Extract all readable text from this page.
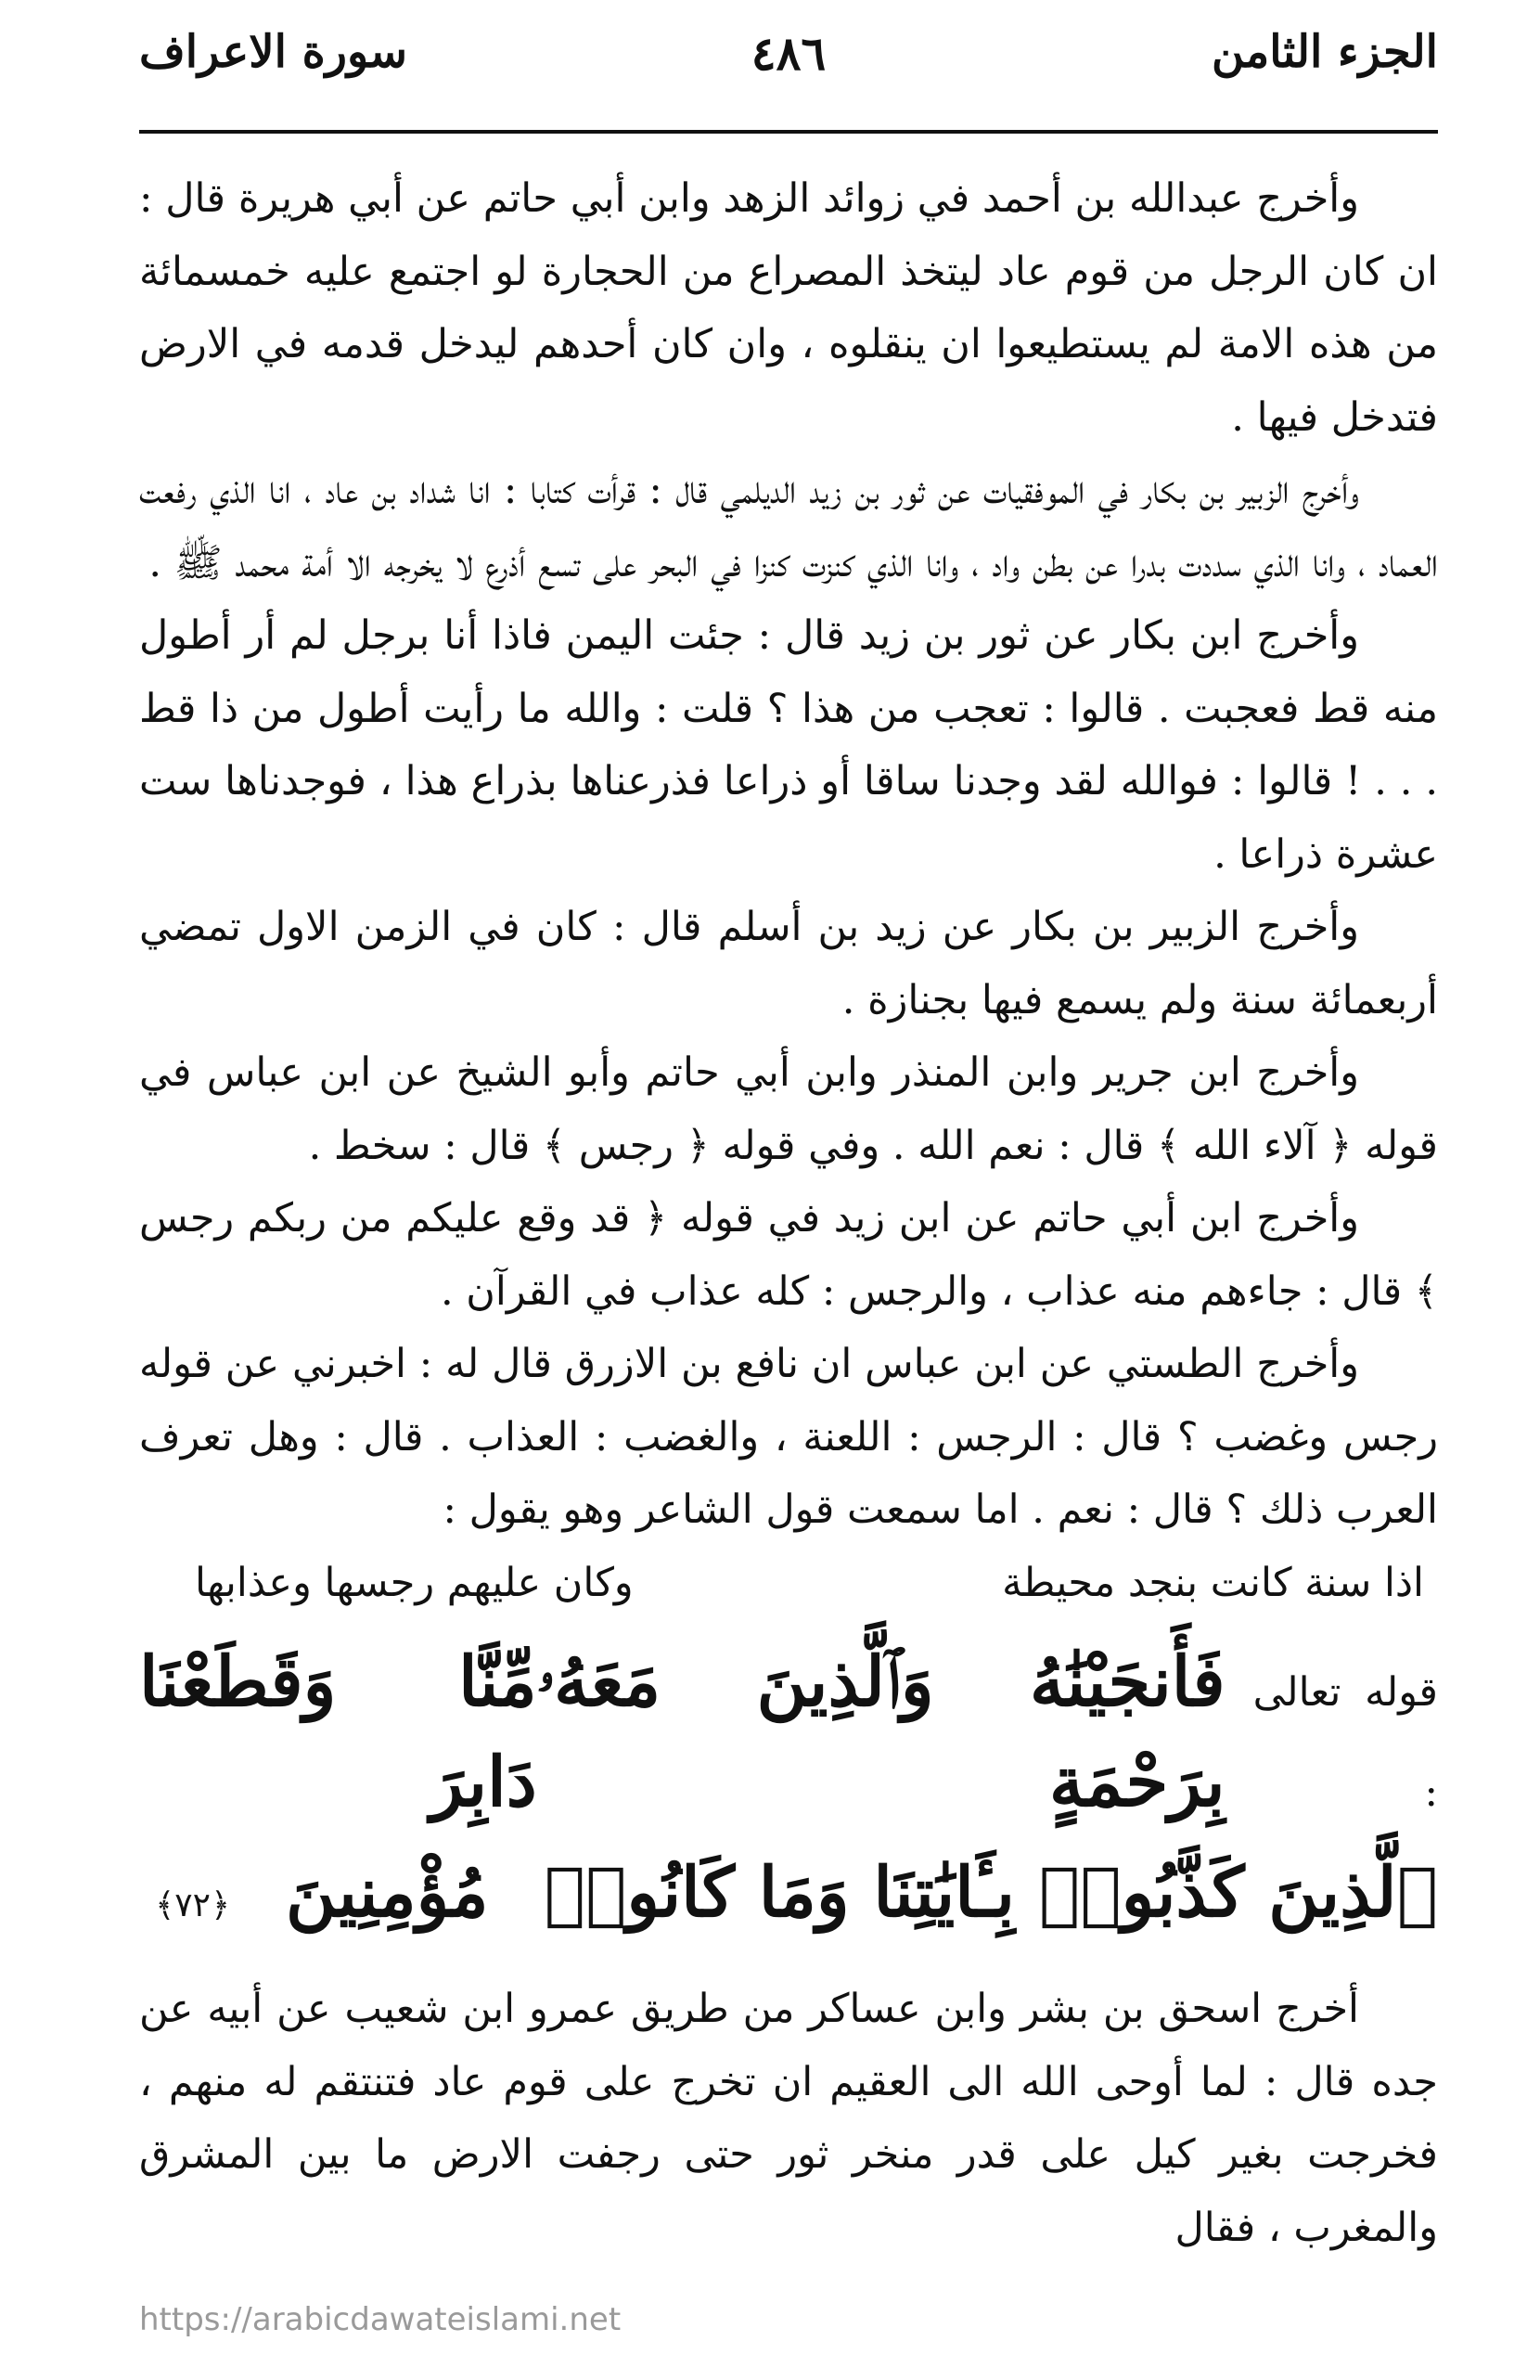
الجزء الثامن
٤٨٦
سورة الاعراف

وأخرج عبدالله بن أحمد في زوائد الزهد وابن أبي حاتم عن أبي هريرة قال : ان كان الرجل من قوم عاد ليتخذ المصراع من الحجارة لو اجتمع عليه خمسمائة من هذه الامة لم يستطيعوا ان ينقلوه ، وان كان أحدهم ليدخل قدمه في الارض فتدخل فيها .

وأخرج الزبير بن بكار في الموفقيات عن ثور بن زيد الديلمي قال : قرأت كتابا : انا شداد بن عاد ، انا الذي رفعت العماد ، وانا الذي سددت بدرا عن بطن واد ، وانا الذي كنزت كنزا في البحر على تسع أذرع لا يخرجه الا أمة محمد ﷺ .

وأخرج ابن بكار عن ثور بن زيد قال : جئت اليمن فاذا أنا برجل لم أر أطول منه قط فعجبت . قالوا : تعجب من هذا ؟ قلت : والله ما رأيت أطول من ذا قط . . . ! قالوا : فوالله لقد وجدنا ساقا أو ذراعا فذرعناها بذراع هذا ، فوجدناها ست عشرة ذراعا .

وأخرج الزبير بن بكار عن زيد بن أسلم قال : كان في الزمن الاول تمضي أربعمائة سنة ولم يسمع فيها بجنازة .

وأخرج ابن جرير وابن المنذر وابن أبي حاتم وأبو الشيخ عن ابن عباس في قوله ﴿ آلاء الله ﴾ قال : نعم الله . وفي قوله ﴿ رجس ﴾ قال : سخط .

وأخرج ابن أبي حاتم عن ابن زيد في قوله ﴿ قد وقع عليكم من ربكم رجس ﴾ قال : جاءهم منه عذاب ، والرجس : كله عذاب في القرآن .

وأخرج الطستي عن ابن عباس ان نافع بن الازرق قال له : اخبرني عن قوله رجس وغضب ؟ قال : الرجس : اللعنة ، والغضب : العذاب . قال : وهل تعرف العرب ذلك ؟ قال : نعم . اما سمعت قول الشاعر وهو يقول :

اذا سنة كانت بنجد محيطة
وكان عليهم رجسها وعذابها
قوله تعالى :
فَأَنجَيْنَٰهُ وَٱلَّذِينَ مَعَهُۥ بِرَحْمَةٍ
مِّنَّا وَقَطَعْنَا دَابِرَ
ٱلَّذِينَ كَذَّبُوا۟ بِـَٔايَٰتِنَا وَمَا كَانُوا۟
مُؤْمِنِينَ
﴿٧٢﴾

أخرج اسحق بن بشر وابن عساكر من طريق عمرو ابن شعيب عن أبيه عن جده قال : لما أوحى الله الى العقيم ان تخرج على قوم عاد فتنتقم له منهم ، فخرجت بغير كيل على قدر منخر ثور حتى رجفت الارض ما بين المشرق والمغرب ، فقال

https://arabicdawateislami.net
